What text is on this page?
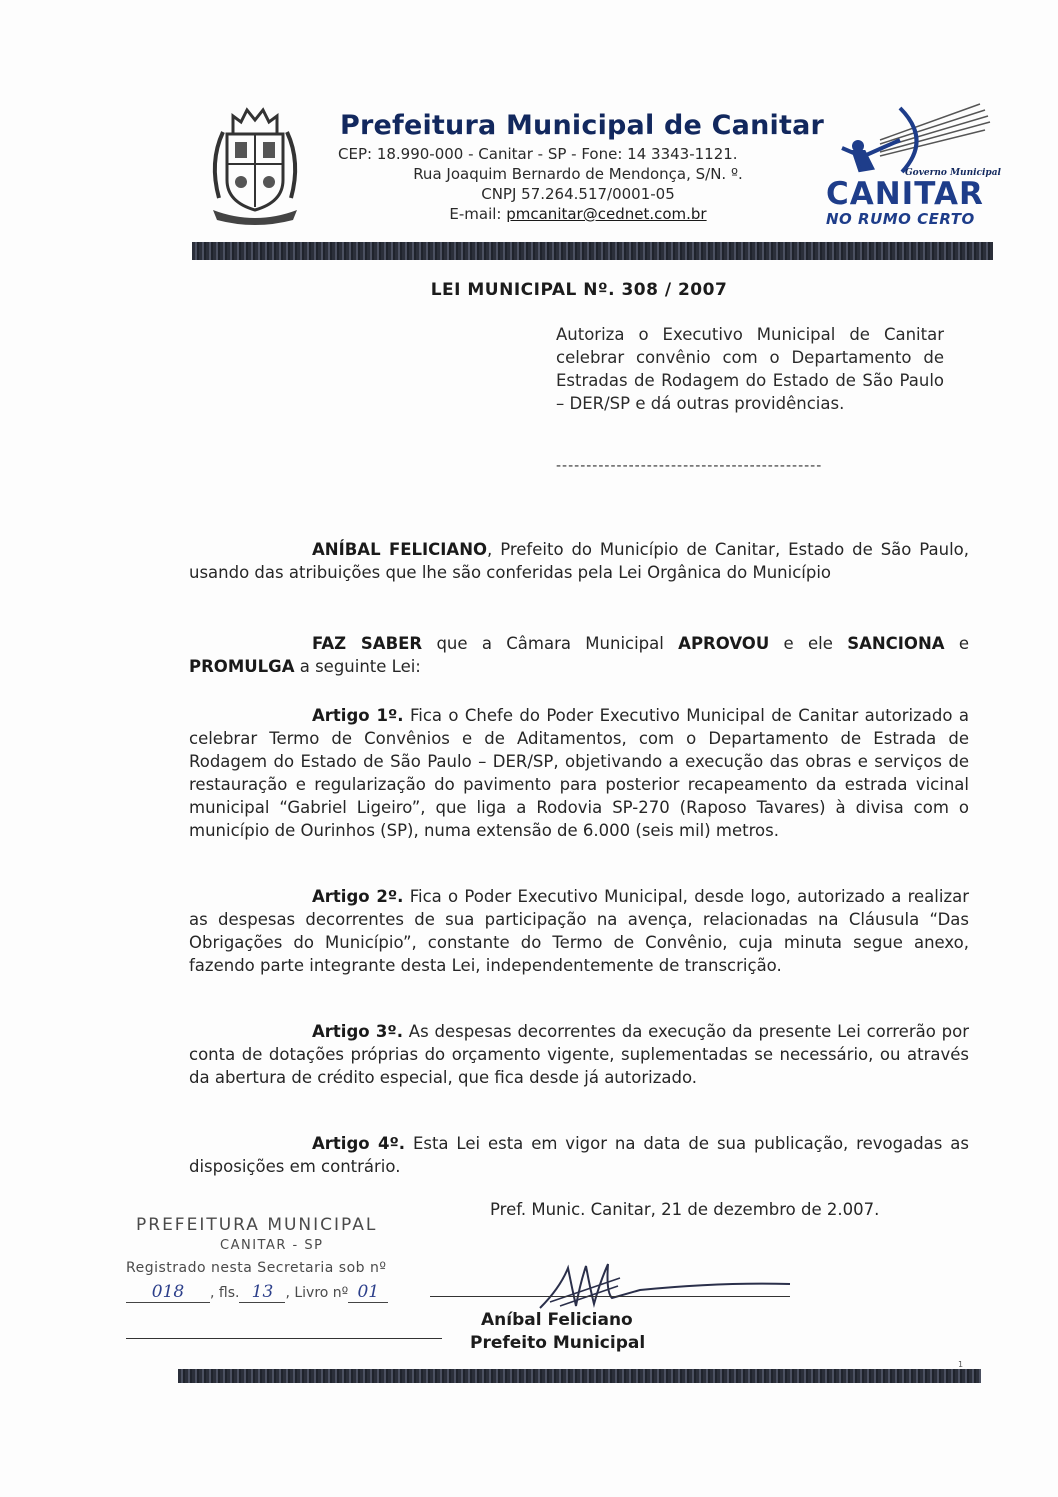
Prefeitura Municipal de Canitar
CEP: 18.990-000 - Canitar - SP - Fone: 14 3343-1121.
Rua Joaquim Bernardo de Mendonça, S/N. º.
CNPJ 57.264.517/0001-05
E-mail: pmcanitar@cednet.com.br
Governo Municipal
CANITAR
NO RUMO CERTO
LEI MUNICIPAL Nº. 308 / 2007
Autoriza o Executivo Municipal de Canitar celebrar convênio com o Departamento de Estradas de Rodagem do Estado de São Paulo – DER/SP e dá outras providências.
--------------------------------------------
ANÍBAL FELICIANO, Prefeito do Município de Canitar, Estado de São Paulo, usando das atribuições que lhe são conferidas pela Lei Orgânica do Município
FAZ SABER que a Câmara Municipal APROVOU e ele SANCIONA e PROMULGA a seguinte Lei:
Artigo 1º. Fica o Chefe do Poder Executivo Municipal de Canitar autorizado a celebrar Termo de Convênios e de Aditamentos, com o Departamento de Estrada de Rodagem do Estado de São Paulo – DER/SP, objetivando a execução das obras e serviços de restauração e regularização do pavimento para posterior recapeamento da estrada vicinal municipal “Gabriel Ligeiro”, que liga a Rodovia SP-270 (Raposo Tavares) à divisa com o município de Ourinhos (SP), numa extensão de 6.000 (seis mil) metros.
Artigo 2º. Fica o Poder Executivo Municipal, desde logo, autorizado a realizar as despesas decorrentes de sua participação na avença, relacionadas na Cláusula “Das Obrigações do Município”, constante do Termo de Convênio, cuja minuta segue anexo, fazendo parte integrante desta Lei, independentemente de transcrição.
Artigo 3º. As despesas decorrentes da execução da presente Lei correrão por conta de dotações próprias do orçamento vigente, suplementadas se necessário, ou através da abertura de crédito especial, que fica desde já autorizado.
Artigo 4º. Esta Lei esta em vigor na data de sua publicação, revogadas as disposições em contrário.
Pref. Munic. Canitar, 21 de dezembro de 2.007.
PREFEITURA MUNICIPAL
CANITAR - SP
Registrado nesta Secretaria sob nº
018 , fls. 13 , Livro nº 01
Aníbal Feliciano
Prefeito Municipal
1
